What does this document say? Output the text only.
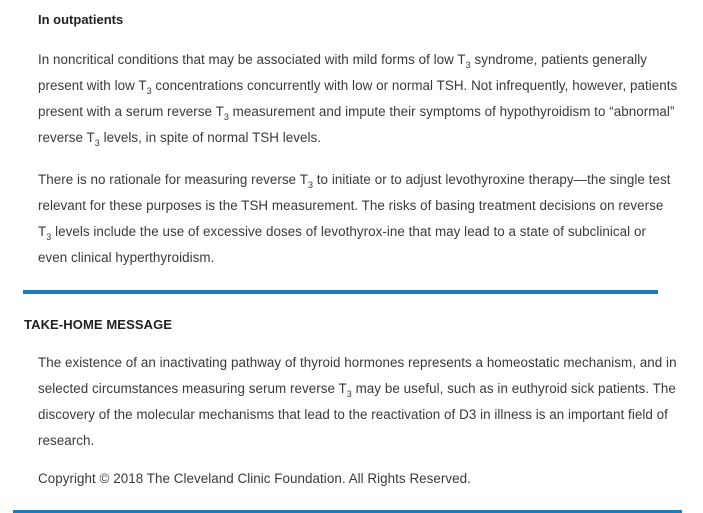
In outpatients

In noncritical conditions that may be associated with mild forms of low $T_3$ syndrome, patients generally present with low $T_3$ concentrations concurrently with low or normal TSH. Not infrequently, however, patients present with a serum reverse $T_3$ measurement and impute their symptoms of hypothyroidism to “abnormal” reverse $T_3$ levels, in spite of normal TSH levels.

There is no rationale for measuring reverse $T_3$ to initiate or to adjust levothyroxine therapy—the single test relevant for these purposes is the TSH measurement. The risks of basing treatment decisions on reverse $T_3$ levels include the use of excessive doses of levothyrox-ine that may lead to a state of subclinical or even clinical hyperthyroidism.

TAKE-HOME MESSAGE

The existence of an inactivating pathway of thyroid hormones represents a homeostatic mechanism, and in selected circumstances measuring serum reverse $T_3$ may be useful, such as in euthyroid sick patients. The discovery of the molecular mechanisms that lead to the reactivation of D3 in illness is an important field of research.

Copyright © 2018 The Cleveland Clinic Foundation. All Rights Reserved.
